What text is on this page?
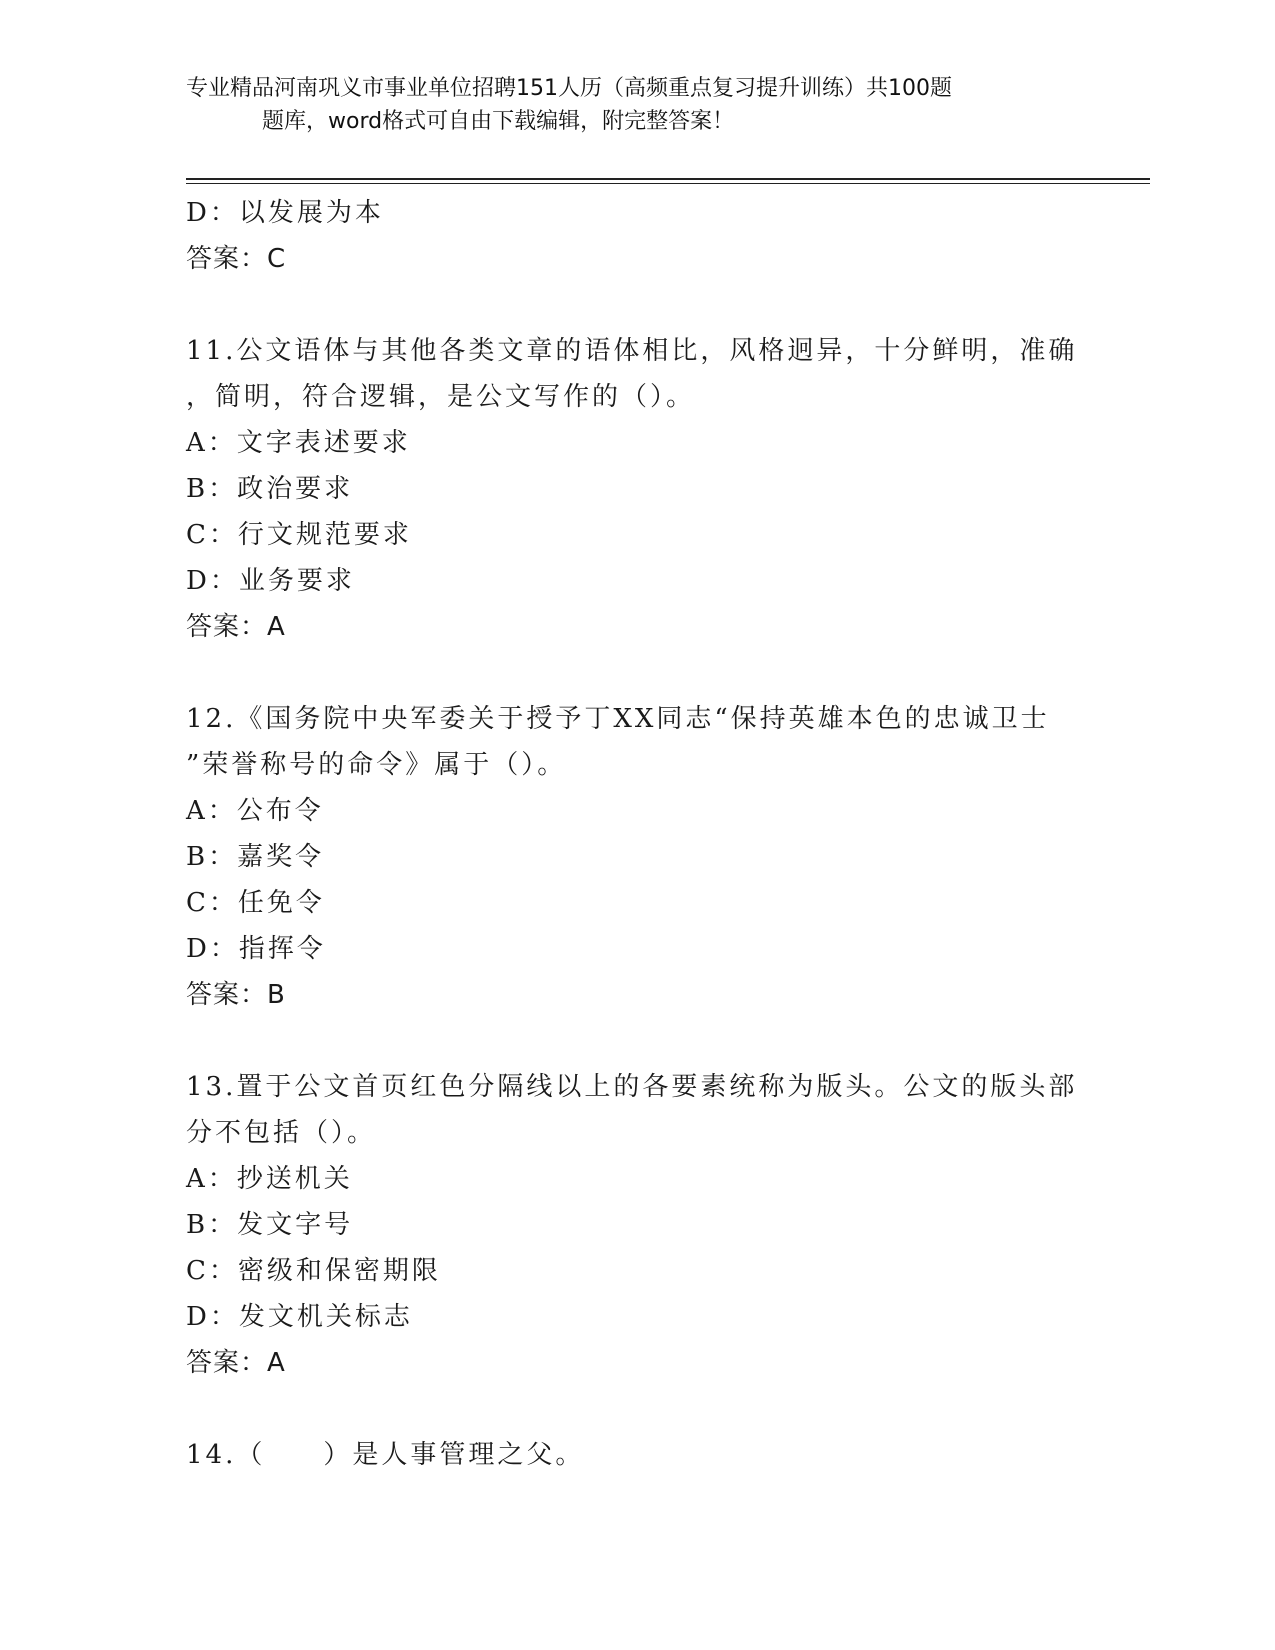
专业精品河南巩义市事业单位招聘151人历（高频重点复习提升训练）共100题
题库，word格式可自由下载编辑，附完整答案！
D：以发展为本
答案：C
11.公文语体与其他各类文章的语体相比，风格迥异，十分鲜明，准确
，简明，符合逻辑，是公文写作的（）。
A：文字表述要求
B：政治要求
C：行文规范要求
D：业务要求
答案：A
12.《国务院中央军委关于授予丁XX同志“保持英雄本色的忠诚卫士
”荣誉称号的命令》属于（）。
A：公布令
B：嘉奖令
C：任免令
D：指挥令
答案：B
13.置于公文首页红色分隔线以上的各要素统称为版头。公文的版头部
分不包括（）。
A：抄送机关
B：发文字号
C：密级和保密期限
D：发文机关标志
答案：A
14.（　　）是人事管理之父。
